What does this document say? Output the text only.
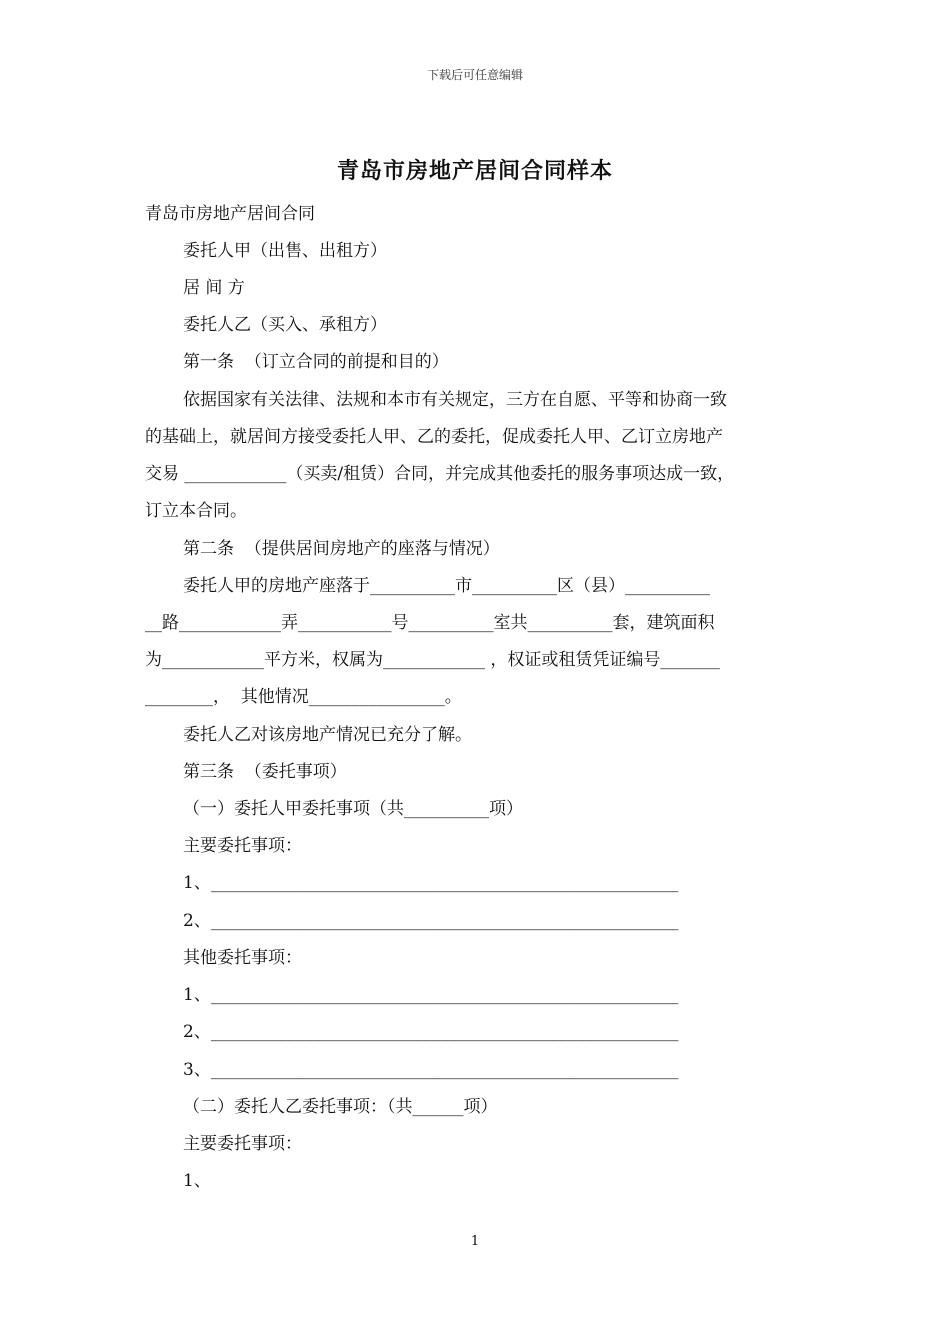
下载后可任意编辑
青岛市房地产居间合同样本
青岛市房地产居间合同
委托人甲（出售、出租方）
居 间 方
委托人乙（买入、承租方）
第一条  （订立合同的前提和目的）
依据国家有关法律、法规和本市有关规定，三方在自愿、平等和协商一致
的基础上，就居间方接受委托人甲、乙的委托，促成委托人甲、乙订立房地产
交易 ____________（买卖/租赁）合同，并完成其他委托的服务事项达成一致，
订立本合同。
第二条  （提供居间房地产的座落与情况）
委托人甲的房地产座落于__________市__________区（县）__________
__路____________弄___________号__________室共__________套，建筑面积
为____________平方米，权属为____________ ，权证或租赁凭证编号_______
________，  其他情况________________。
委托人乙对该房地产情况已充分了解。
第三条  （委托事项）
（一）委托人甲委托事项（共__________项）
主要委托事项：
1、_______________________________________________________
2、_______________________________________________________
其他委托事项：
1、_______________________________________________________
2、_______________________________________________________
3、_______________________________________________________
（二）委托人乙委托事项：（共______项）
主要委托事项：
1、
1
